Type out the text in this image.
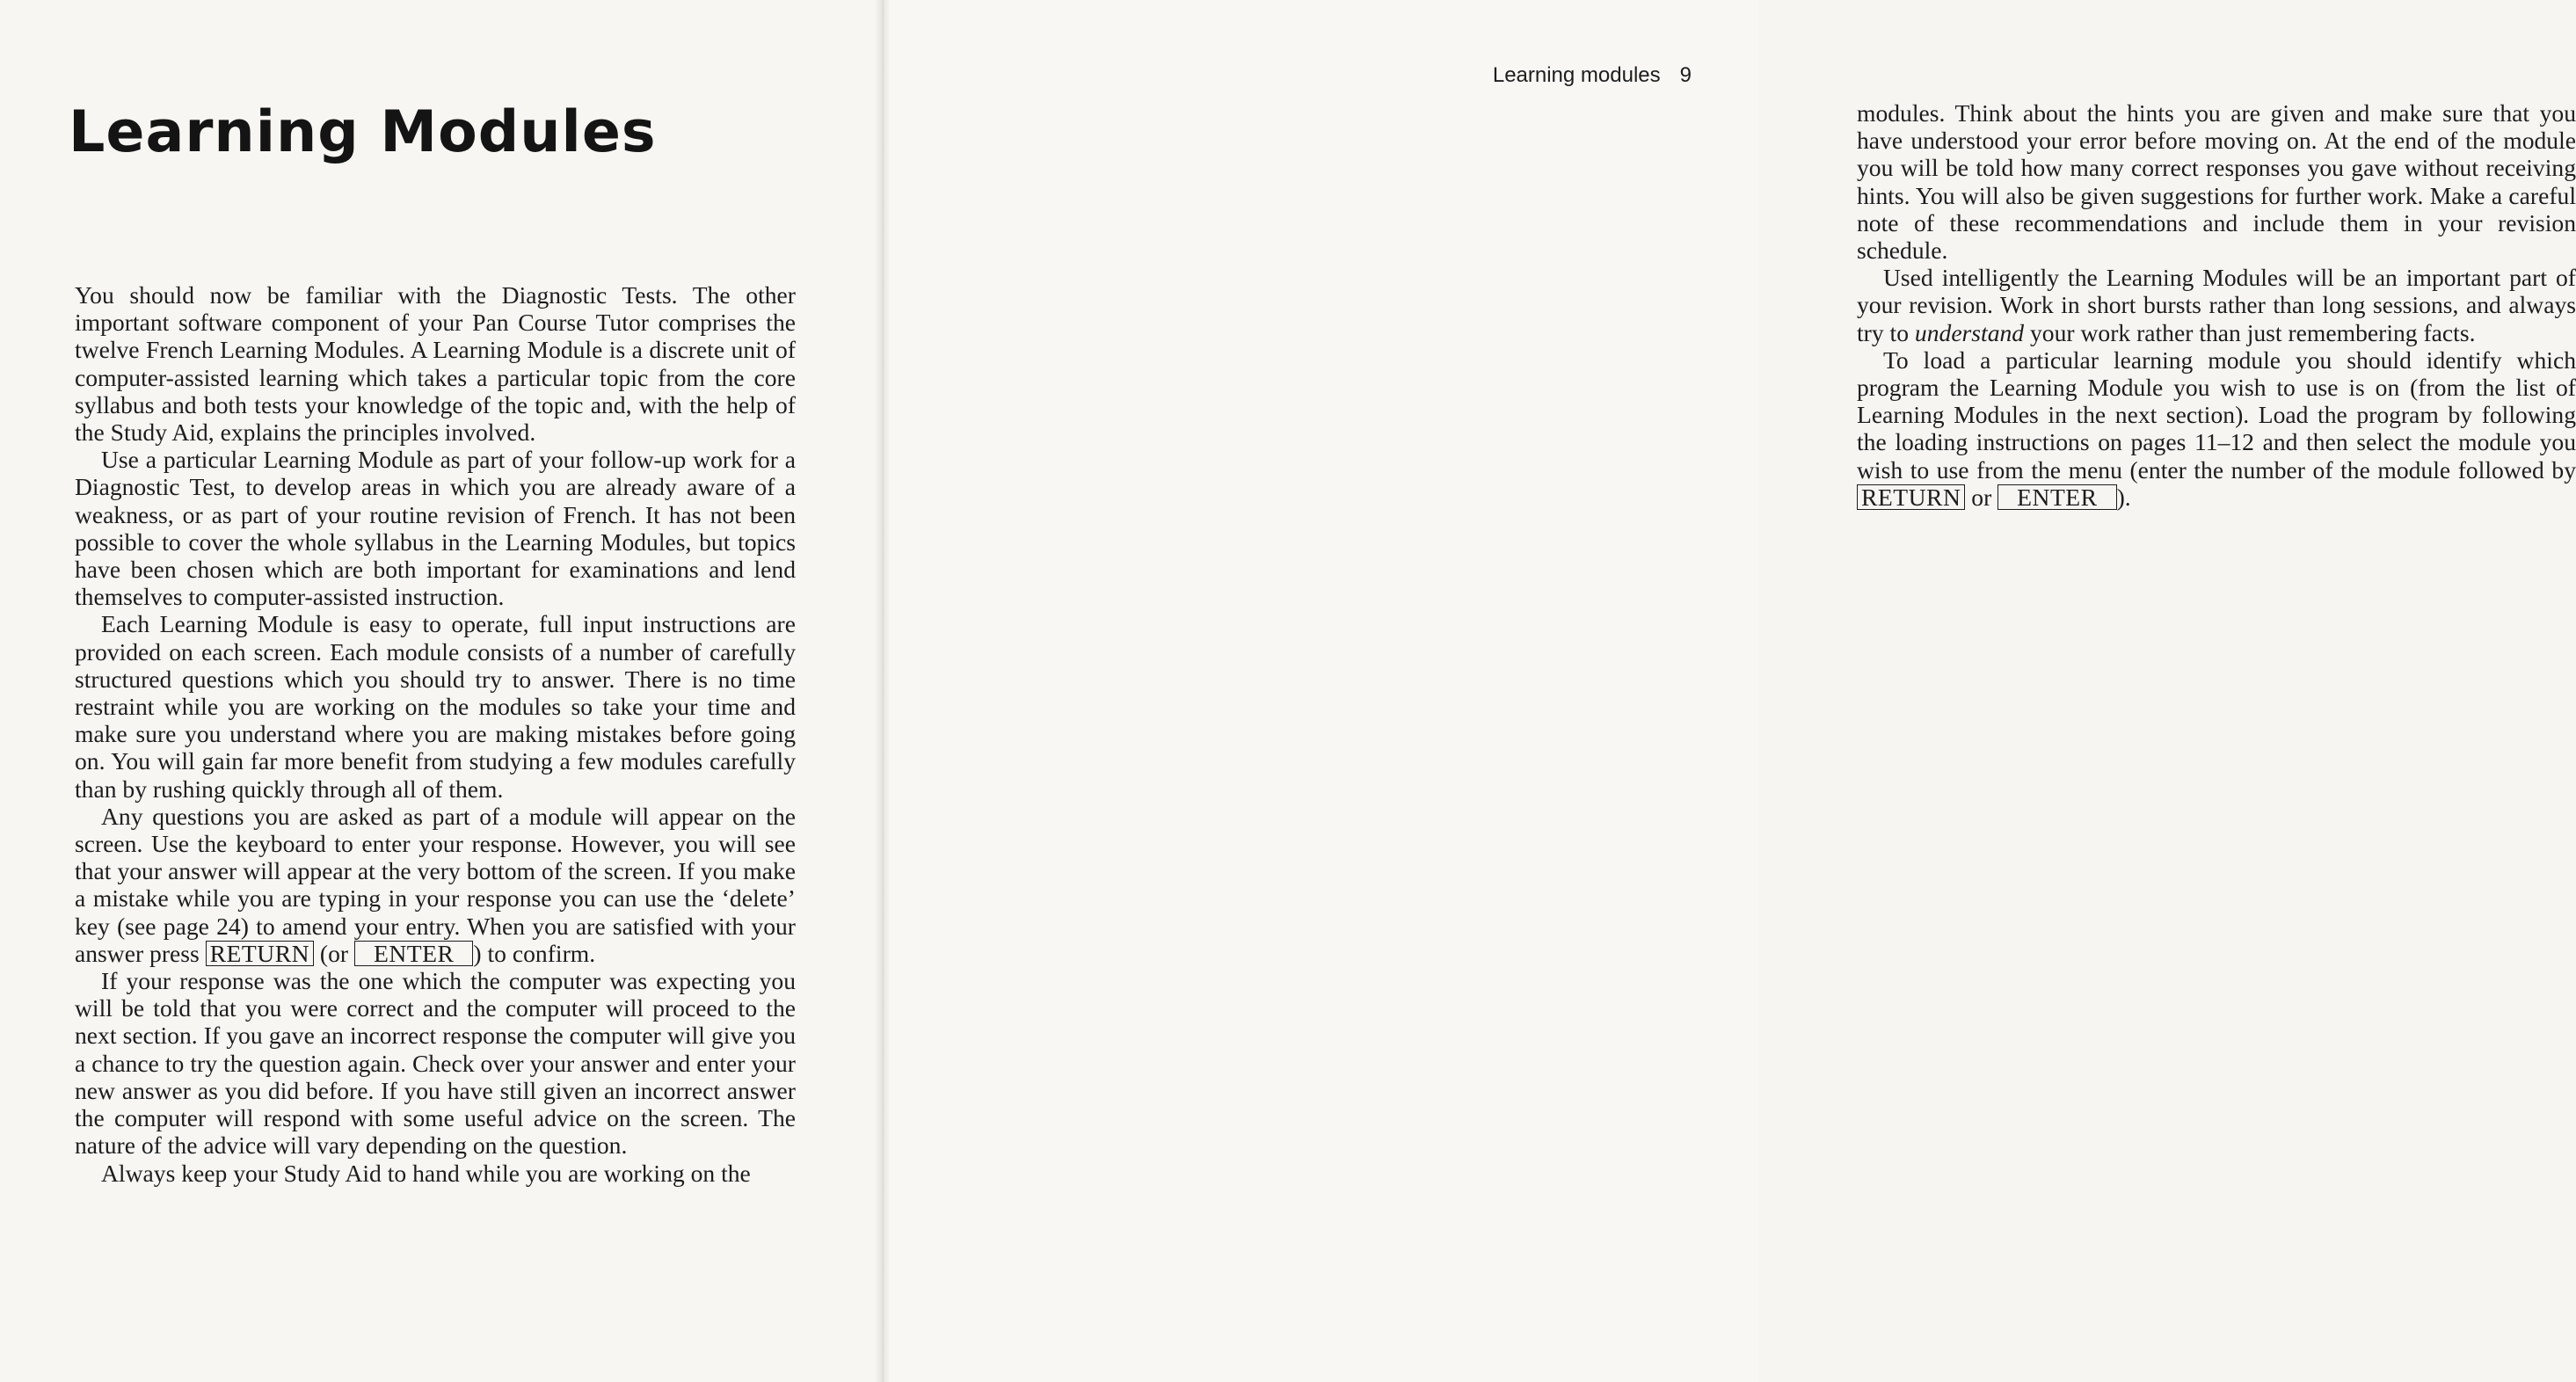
Learning Modules

You should now be familiar with the Diagnostic Tests. The other important software component of your Pan Course Tutor comprises the twelve French Learning Modules. A Learning Module is a discrete unit of computer-assisted learning which takes a particular topic from the core syllabus and both tests your knowledge of the topic and, with the help of the Study Aid, explains the principles involved.

Use a particular Learning Module as part of your follow-up work for a Diagnostic Test, to develop areas in which you are already aware of a weakness, or as part of your routine revision of French. It has not been possible to cover the whole syllabus in the Learning Modules, but topics have been chosen which are both important for examinations and lend themselves to computer-assisted instruction.

Each Learning Module is easy to operate, full input instructions are provided on each screen. Each module consists of a number of carefully structured questions which you should try to answer. There is no time restraint while you are working on the modules so take your time and make sure you understand where you are making mistakes before going on. You will gain far more benefit from studying a few modules carefully than by rushing quickly through all of them.

Any questions you are asked as part of a module will appear on the screen. Use the keyboard to enter your response. However, you will see that your answer will appear at the very bottom of the screen. If you make a mistake while you are typing in your response you can use the ‘delete’ key (see page 24) to amend your entry. When you are satisfied with your answer press RETURN (or ENTER ) to confirm.

If your response was the one which the computer was expecting you will be told that you were correct and the computer will proceed to the next section. If you gave an incorrect response the computer will give you a chance to try the question again. Check over your answer and enter your new answer as you did before. If you have still given an incorrect answer the computer will respond with some useful advice on the screen. The nature of the advice will vary depending on the question.

Always keep your Study Aid to hand while you are working on the

Learning modules 9

modules. Think about the hints you are given and make sure that you have understood your error before moving on. At the end of the module you will be told how many correct responses you gave without receiving hints. You will also be given suggestions for further work. Make a careful note of these recommendations and include them in your revision schedule.

Used intelligently the Learning Modules will be an important part of your revision. Work in short bursts rather than long sessions, and always try to understand your work rather than just remembering facts.

To load a particular learning module you should identify which program the Learning Module you wish to use is on (from the list of Learning Modules in the next section). Load the program by following the loading instructions on pages 11–12 and then select the module you wish to use from the menu (enter the number of the module followed by RETURN or ENTER ).
